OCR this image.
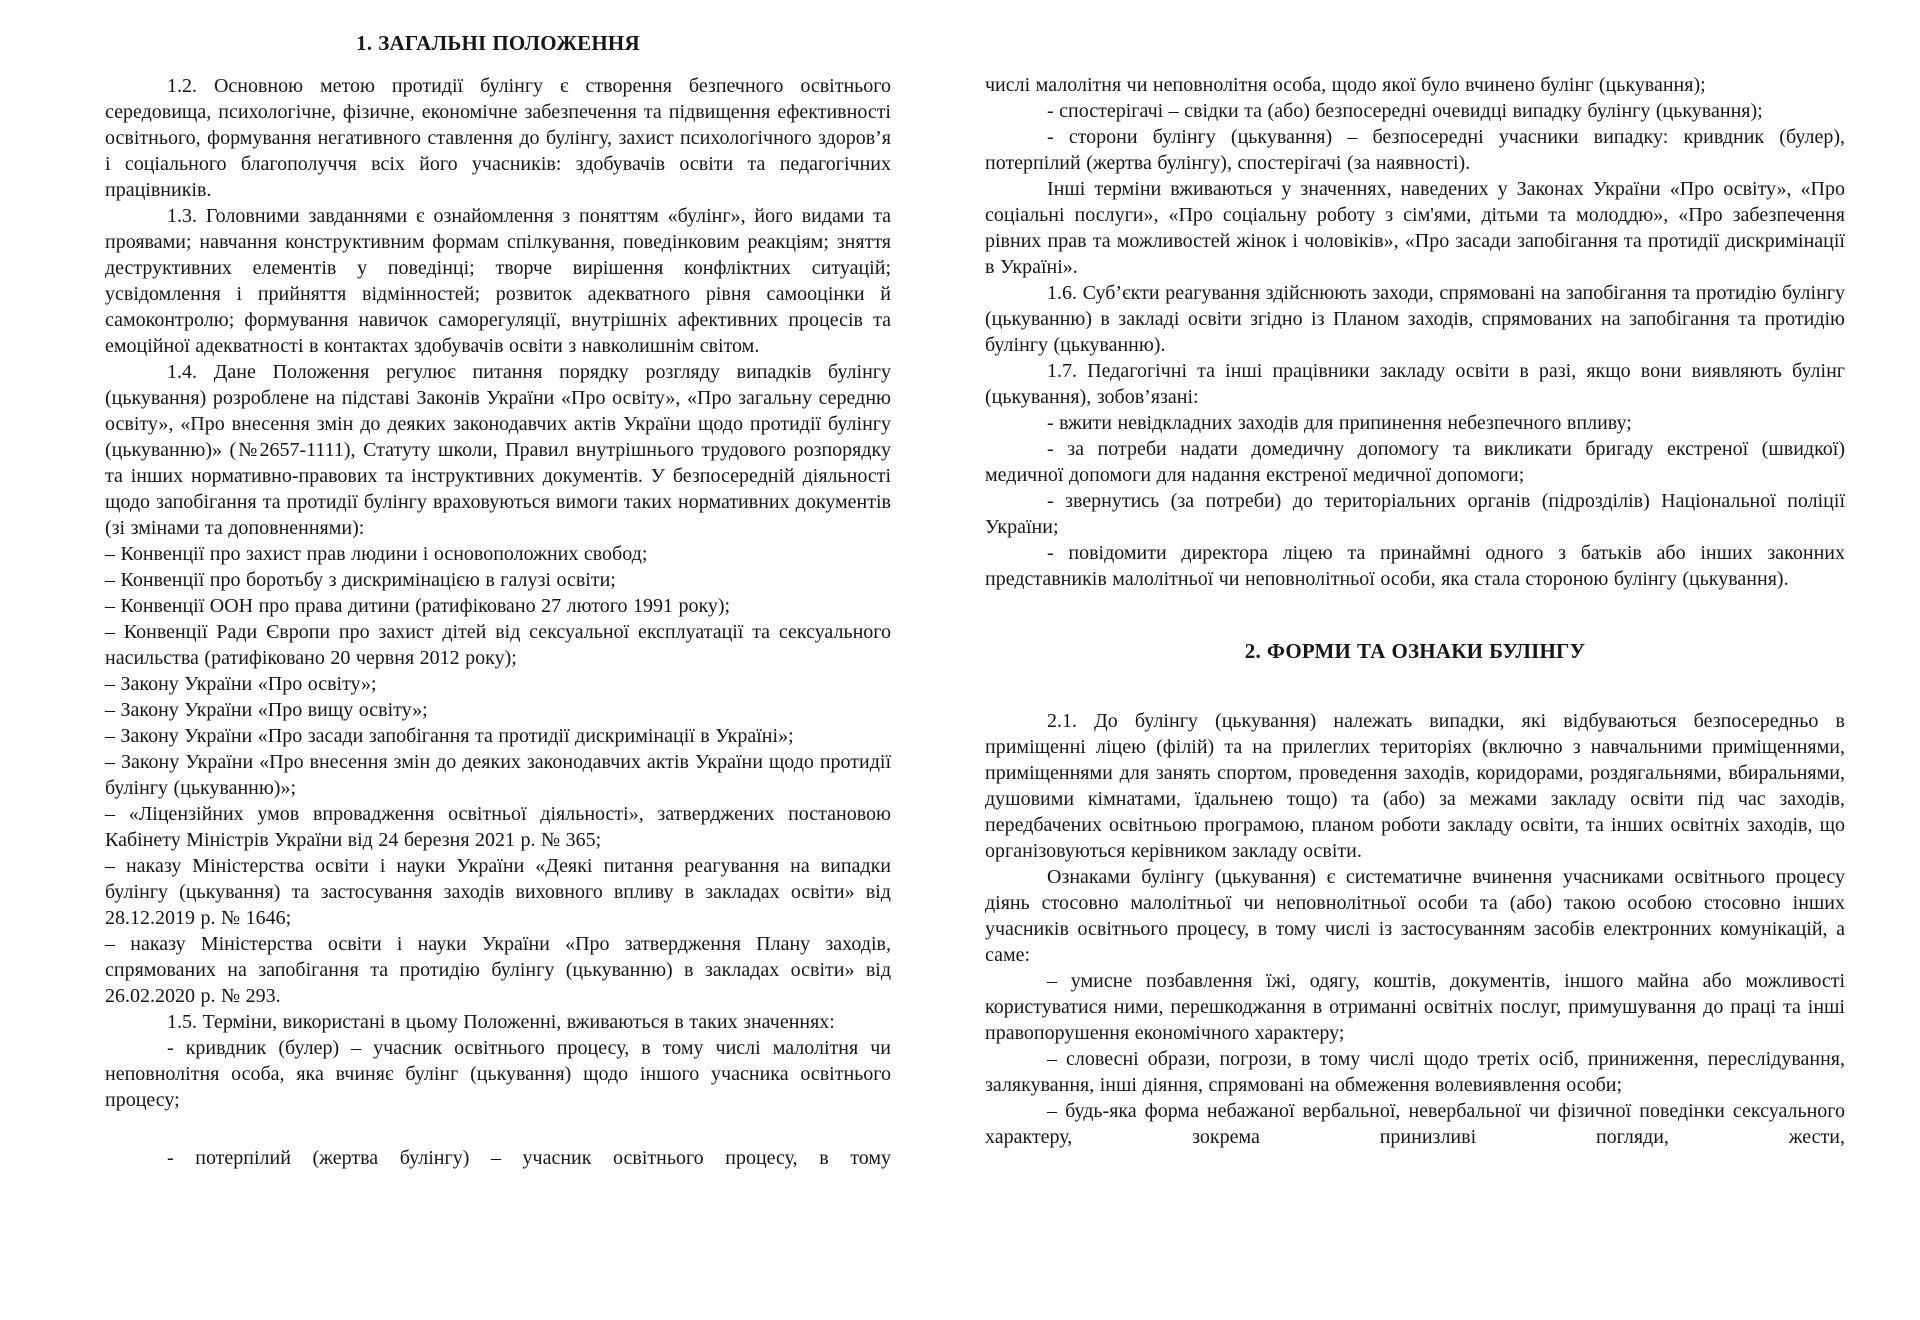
1. ЗАГАЛЬНІ ПОЛОЖЕННЯ

1.2. Основною метою протидії булінгу є створення безпечного освітнього середовища, психологічне, фізичне, економічне забезпечення та підвищення ефективності освітнього, формування негативного ставлення до булінгу, захист психологічного здоров’я і соціального благополуччя всіх його учасників: здобувачів освіти та педагогічних працівників.

1.3. Головними завданнями є ознайомлення з поняттям «булінг», його видами та проявами; навчання конструктивним формам спілкування, поведінковим реакціям; зняття деструктивних елементів у поведінці; творче вирішення конфліктних ситуацій; усвідомлення і прийняття відмінностей; розвиток адекватного рівня самооцінки й самоконтролю; формування навичок саморегуляції, внутрішніх афективних процесів та емоційної адекватності в контактах здобувачів освіти з навколишнім світом.

1.4. Дане Положення регулює питання порядку розгляду випадків булінгу (цькування) розроблене на підставі Законів України «Про освіту», «Про загальну середню освіту», «Про внесення змін до деяких законодавчих актів України щодо протидії булінгу (цькуванню)» (№2657-1111), Статуту школи, Правил внутрішнього трудового розпорядку та інших нормативно-правових та інструктивних документів. У безпосередній діяльності щодо запобігання та протидії булінгу враховуються вимоги таких нормативних документів (зі змінами та доповненнями):

– Конвенції про захист прав людини і основоположних свобод;

– Конвенції про боротьбу з дискримінацією в галузі освіти;

– Конвенції ООН про права дитини (ратифіковано 27 лютого 1991 року);

– Конвенції Ради Європи про захист дітей від сексуальної експлуатації та сексуального насильства (ратифіковано 20 червня 2012 року);

– Закону України «Про освіту»;

– Закону України «Про вищу освіту»;

– Закону України «Про засади запобігання та протидії дискримінації в Україні»;

– Закону України «Про внесення змін до деяких законодавчих актів України щодо протидії булінгу (цькуванню)»;

– «Ліцензійних умов впровадження освітньої діяльності», затверджених постановою Кабінету Міністрів України від 24 березня 2021 р. № 365;

– наказу Міністерства освіти і науки України «Деякі питання реагування на випадки булінгу (цькування) та застосування заходів виховного впливу в закладах освіти» від 28.12.2019 р. № 1646;

– наказу Міністерства освіти і науки України «Про затвердження Плану заходів, спрямованих на запобігання та протидію булінгу (цькуванню) в закладах освіти» від 26.02.2020 р. № 293.

1.5. Терміни, використані в цьому Положенні, вживаються в таких значеннях:

- кривдник (булер) – учасник освітнього процесу, в тому числі малолітня чи неповнолітня особа, яка вчиняє булінг (цькування) щодо іншого учасника освітнього процесу;

- потерпілий (жертва булінгу) – учасник освітнього процесу, в тому

числі малолітня чи неповнолітня особа, щодо якої було вчинено булінг (цькування);

- спостерігачі – свідки та (або) безпосередні очевидці випадку булінгу (цькування);

- сторони булінгу (цькування) – безпосередні учасники випадку: кривдник (булер), потерпілий (жертва булінгу), спостерігачі (за наявності).

Інші терміни вживаються у значеннях, наведених у Законах України «Про освіту», «Про соціальні послуги», «Про соціальну роботу з сім'ями, дітьми та молоддю», «Про забезпечення рівних прав та можливостей жінок і чоловіків», «Про засади запобігання та протидії дискримінації в Україні».

1.6. Суб’єкти реагування здійснюють заходи, спрямовані на запобігання та протидію булінгу (цькуванню) в закладі освіти згідно із Планом заходів, спрямованих на запобігання та протидію булінгу (цькуванню).

1.7. Педагогічні та інші працівники закладу освіти в разі, якщо вони виявляють булінг (цькування), зобов’язані:

- вжити невідкладних заходів для припинення небезпечного впливу;

- за потреби надати домедичну допомогу та викликати бригаду екстреної (швидкої) медичної допомоги для надання екстреної медичної допомоги;

- звернутись (за потреби) до територіальних органів (підрозділів) Національної поліції України;

- повідомити директора ліцею та принаймні одного з батьків або інших законних представників малолітньої чи неповнолітньої особи, яка стала стороною булінгу (цькування).

2. ФОРМИ ТА ОЗНАКИ БУЛІНГУ

2.1. До булінгу (цькування) належать випадки, які відбуваються безпосередньо в приміщенні ліцею (філій) та на прилеглих територіях (включно з навчальними приміщеннями, приміщеннями для занять спортом, проведення заходів, коридорами, роздягальнями, вбиральнями, душовими кімнатами, їдальнею тощо) та (або) за межами закладу освіти під час заходів, передбачених освітньою програмою, планом роботи закладу освіти, та інших освітніх заходів, що організовуються керівником закладу освіти.

Ознаками булінгу (цькування) є систематичне вчинення учасниками освітнього процесу діянь стосовно малолітньої чи неповнолітньої особи та (або) такою особою стосовно інших учасників освітнього процесу, в тому числі із застосуванням засобів електронних комунікацій, а саме:

– умисне позбавлення їжі, одягу, коштів, документів, іншого майна або можливості користуватися ними, перешкоджання в отриманні освітніх послуг, примушування до праці та інші правопорушення економічного характеру;

– словесні образи, погрози, в тому числі щодо третіх осіб, приниження, переслідування, залякування, інші діяння, спрямовані на обмеження волевиявлення особи;

– будь-яка форма небажаної вербальної, невербальної чи фізичної поведінки сексуального характеру, зокрема принизливі погляди, жести,
